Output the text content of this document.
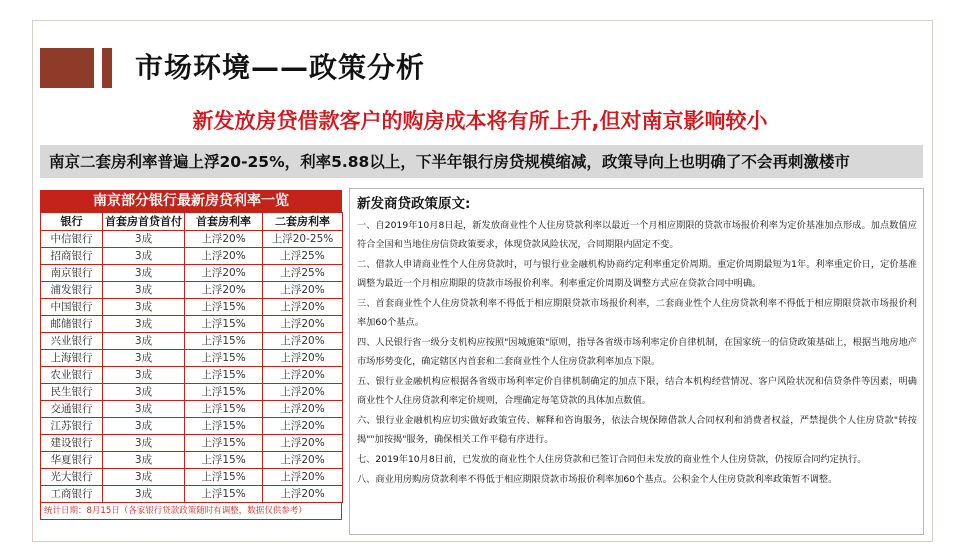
市场环境——政策分析
新发放房贷借款客户的购房成本将有所上升,但对南京影响较小
南京二套房利率普遍上浮20-25%，利率5.88以上，下半年银行房贷规模缩减，政策导向上也明确了不会再刺激楼市
南京部分银行最新房贷利率一览
银行	首套房首贷首付	首套房利率	二套房利率
中信银行	3成	上浮20%	上浮20-25%
招商银行	3成	上浮20%	上浮25%
南京银行	3成	上浮20%	上浮25%
浦发银行	3成	上浮20%	上浮20%
中国银行	3成	上浮15%	上浮20%
邮储银行	3成	上浮15%	上浮20%
兴业银行	3成	上浮15%	上浮20%
上海银行	3成	上浮15%	上浮20%
农业银行	3成	上浮15%	上浮20%
民生银行	3成	上浮15%	上浮20%
交通银行	3成	上浮15%	上浮20%
江苏银行	3成	上浮15%	上浮20%
建设银行	3成	上浮15%	上浮20%
华夏银行	3成	上浮15%	上浮20%
光大银行	3成	上浮15%	上浮20%
工商银行	3成	上浮15%	上浮20%
统计日期：8月15日（各家银行贷款政策随时有调整，数据仅供参考）
新发商贷政策原文:
一、自2019年10月8日起，新发放商业性个人住房贷款利率以最近一个月相应期限的贷款市场报价利率为定价基准加点形成。加点数值应符合全国和当地住房信贷政策要求，体现贷款风险状况，合同期限内固定不变。
二、借款人申请商业性个人住房贷款时，可与银行业金融机构协商约定利率重定价周期。重定价周期最短为1年。利率重定价日，定价基准调整为最近一个月相应期限的贷款市场报价利率。利率重定价周期及调整方式应在贷款合同中明确。
三、首套商业性个人住房贷款利率不得低于相应期限贷款市场报价利率，二套商业性个人住房贷款利率不得低于相应期限贷款市场报价利率加60个基点。
四、人民银行省一级分支机构应按照"因城施策"原则，指导各省级市场利率定价自律机制，在国家统一的信贷政策基础上，根据当地房地产市场形势变化，确定辖区内首套和二套商业性个人住房贷款利率加点下限。
五、银行业金融机构应根据各省级市场利率定价自律机制确定的加点下限，结合本机构经营情况、客户风险状况和信贷条件等因素，明确商业性个人住房贷款利率定价规则，合理确定每笔贷款的具体加点数值。
六、银行业金融机构应切实做好政策宣传、解释和咨询服务，依法合规保障借款人合同权利和消费者权益，严禁提供个人住房贷款"转按揭""加按揭"服务，确保相关工作平稳有序进行。
七、2019年10月8日前，已发放的商业性个人住房贷款和已签订合同但未发放的商业性个人住房贷款，仍按原合同约定执行。
八、商业用房购房贷款利率不得低于相应期限贷款市场报价利率加60个基点。公积金个人住房贷款利率政策暂不调整。
